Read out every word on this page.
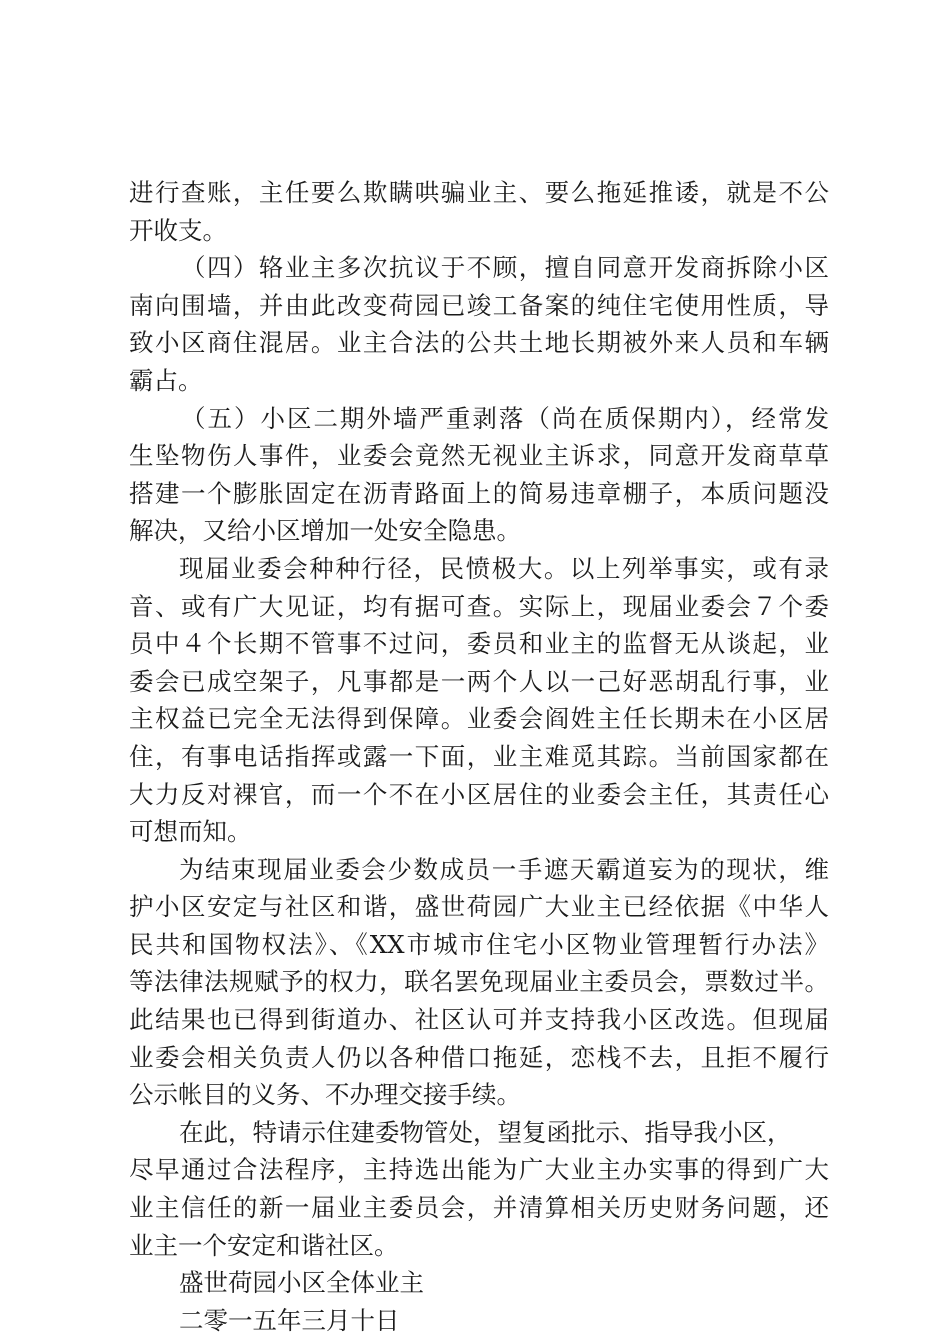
进行查账，主任要么欺瞒哄骗业主、要么拖延推诿，就是不公
开收支。
（四）辂业主多次抗议于不顾，擅自同意开发商拆除小区
南向围墙，并由此改变荷园已竣工备案的纯住宅使用性质，导
致小区商住混居。业主合法的公共土地长期被外来人员和车辆
霸占。
（五）小区二期外墙严重剥落（尚在质保期内），经常发
生坠物伤人事件，业委会竟然无视业主诉求，同意开发商草草
搭建一个膨胀固定在沥青路面上的简易违章棚子，本质问题没
解决，又给小区增加一处安全隐患。
现届业委会种种行径，民愤极大。以上列举事实，或有录
音、或有广大见证，均有据可查。实际上，现届业委会７个委
员中４个长期不管事不过问，委员和业主的监督无从谈起，业
委会已成空架子，凡事都是一两个人以一己好恶胡乱行事，业
主权益已完全无法得到保障。业委会阎姓主任长期未在小区居
住，有事电话指挥或露一下面，业主难觅其踪。当前国家都在
大力反对裸官，而一个不在小区居住的业委会主任，其责任心
可想而知。
为结束现届业委会少数成员一手遮天霸道妄为的现状，维
护小区安定与社区和谐，盛世荷园广大业主已经依据《中华人
民共和国物权法》、《XX市城市住宅小区物业管理暂行办法》
等法律法规赋予的权力，联名罢免现届业主委员会，票数过半。
此结果也已得到街道办、社区认可并支持我小区改选。但现届
业委会相关负责人仍以各种借口拖延，恋栈不去，且拒不履行
公示帐目的义务、不办理交接手续。
在此，特请示住建委物管处，望复函批示、指导我小区，
尽早通过合法程序，主持选出能为广大业主办实事的得到广大
业主信任的新一届业主委员会，并清算相关历史财务问题，还
业主一个安定和谐社区。
盛世荷园小区全体业主
二零一五年三月十日
